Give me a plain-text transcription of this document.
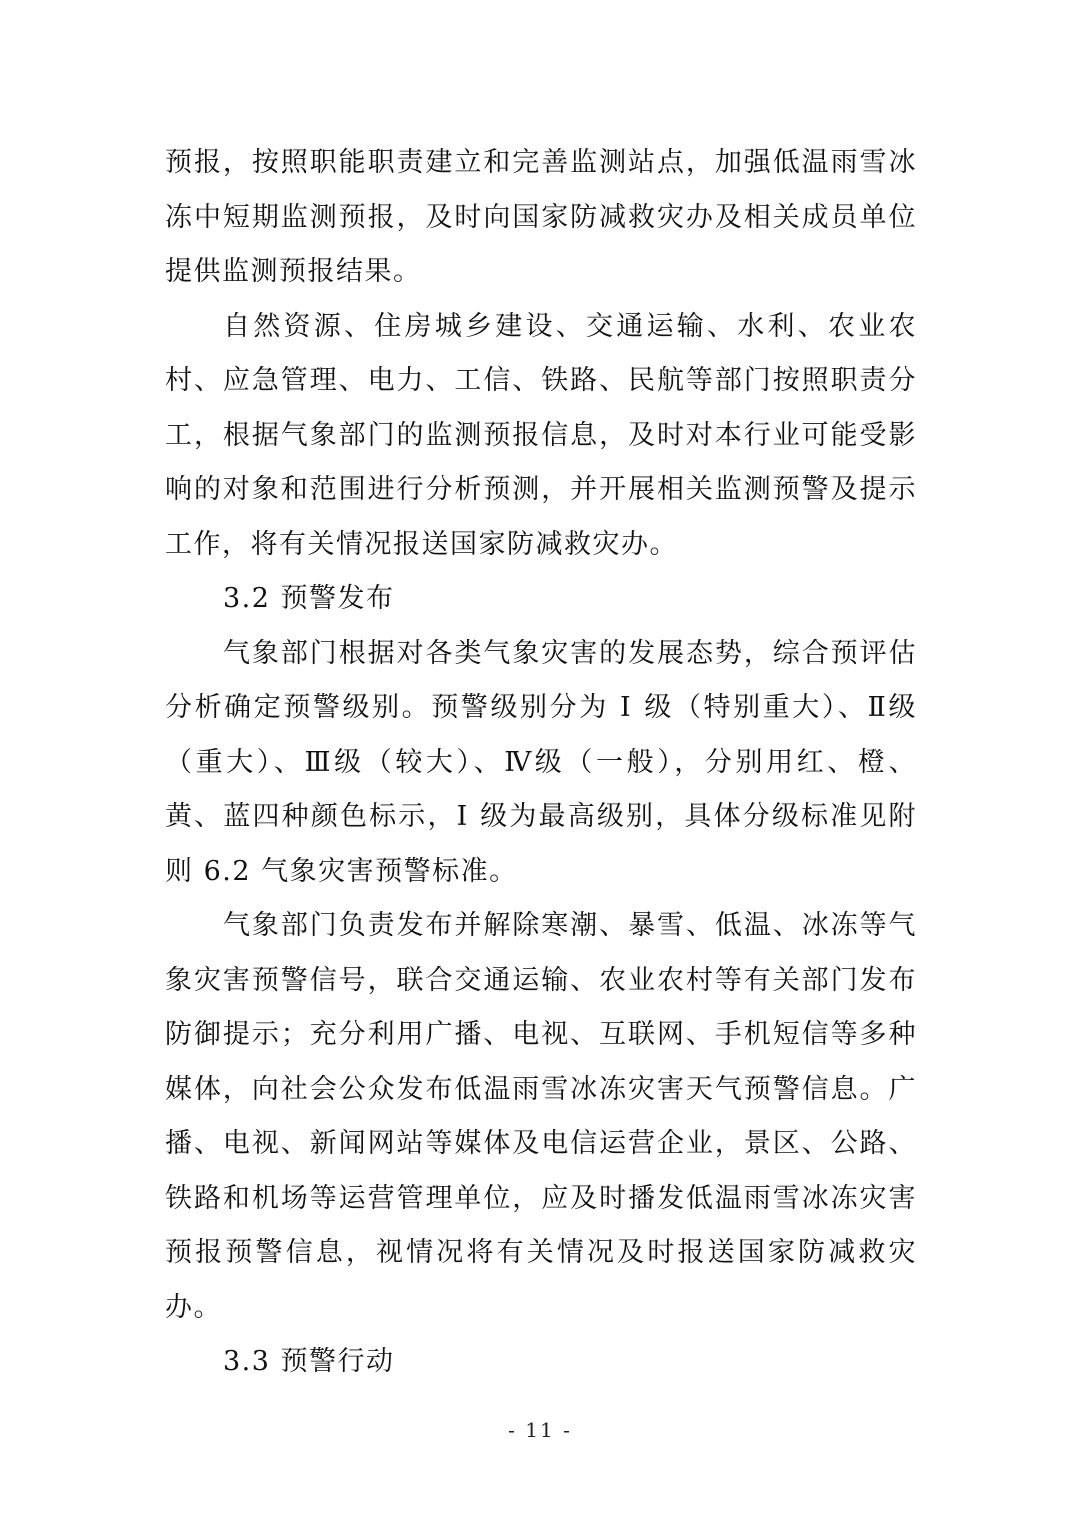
预报，按照职能职责建立和完善监测站点，加强低温雨雪冰冻中短期监测预报，及时向国家防减救灾办及相关成员单位提供监测预报结果。

自然资源、住房城乡建设、交通运输、水利、农业农村、应急管理、电力、工信、铁路、民航等部门按照职责分工，根据气象部门的监测预报信息，及时对本行业可能受影响的对象和范围进行分析预测，并开展相关监测预警及提示工作，将有关情况报送国家防减救灾办。

3.2 预警发布

气象部门根据对各类气象灾害的发展态势，综合预评估分析确定预警级别。预警级别分为 Ⅰ 级（特别重大）、Ⅱ级（重大）、Ⅲ级（较大）、Ⅳ级（一般），分别用红、橙、黄、蓝四种颜色标示，Ⅰ 级为最高级别，具体分级标准见附则 6.2 气象灾害预警标准。

气象部门负责发布并解除寒潮、暴雪、低温、冰冻等气象灾害预警信号，联合交通运输、农业农村等有关部门发布防御提示；充分利用广播、电视、互联网、手机短信等多种媒体，向社会公众发布低温雨雪冰冻灾害天气预警信息。广播、电视、新闻网站等媒体及电信运营企业，景区、公路、铁路和机场等运营管理单位，应及时播发低温雨雪冰冻灾害预报预警信息，视情况将有关情况及时报送国家防减救灾办。

3.3 预警行动

- 11 -
